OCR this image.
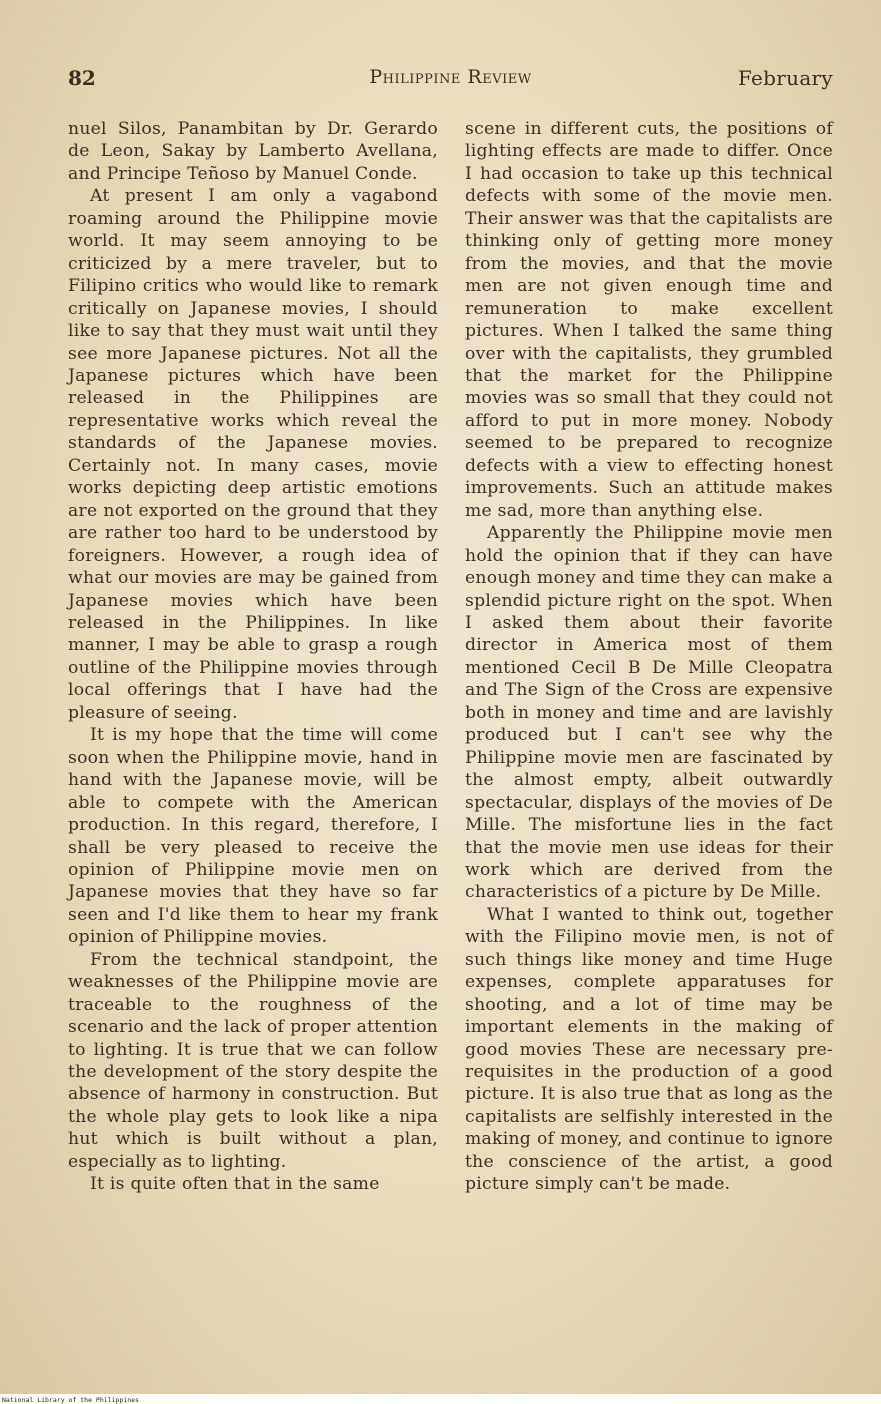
82	Philippine Review	February

nuel Silos, Panambitan by Dr. Gerardo de Leon, Sakay by Lamberto Avellana, and Principe Teñoso by Manuel Conde.

At present I am only a vagabond roaming around the Philippine movie world. It may seem annoying to be criticized by a mere traveler, but to Filipino critics who would like to remark critically on Japanese movies, I should like to say that they must wait until they see more Japanese pictures. Not all the Japanese pictures which have been released in the Philippines are representative works which reveal the standards of the Japanese movies. Certainly not. In many cases, movie works depicting deep artistic emotions are not exported on the ground that they are rather too hard to be understood by foreigners. However, a rough idea of what our movies are may be gained from Japanese movies which have been released in the Philippines. In like manner, I may be able to grasp a rough outline of the Philippine movies through local offerings that I have had the pleasure of seeing.

It is my hope that the time will come soon when the Philippine movie, hand in hand with the Japanese movie, will be able to compete with the American production. In this regard, therefore, I shall be very pleased to receive the opinion of Philippine movie men on Japanese movies that they have so far seen and I'd like them to hear my frank opinion of Philippine movies.

From the technical standpoint, the weaknesses of the Philippine movie are traceable to the roughness of the scenario and the lack of proper attention to lighting. It is true that we can follow the development of the story despite the absence of harmony in construction. But the whole play gets to look like a nipa hut which is built without a plan, especially as to lighting.

It is quite often that in the same

scene in different cuts, the positions of lighting effects are made to differ. Once I had occasion to take up this technical defects with some of the movie men. Their answer was that the capitalists are thinking only of getting more money from the movies, and that the movie men are not given enough time and remuneration to make excellent pictures. When I talked the same thing over with the capitalists, they grumbled that the market for the Philippine movies was so small that they could not afford to put in more money. Nobody seemed to be prepared to recognize defects with a view to effecting honest improvements. Such an attitude makes me sad, more than anything else.

Apparently the Philippine movie men hold the opinion that if they can have enough money and time they can make a splendid picture right on the spot. When I asked them about their favorite director in America most of them mentioned Cecil B De Mille Cleopatra and The Sign of the Cross are expensive both in money and time and are lavishly produced but I can't see why the Philippine movie men are fascinated by the almost empty, albeit outwardly spectacular, displays of the movies of De Mille. The misfortune lies in the fact that the movie men use ideas for their work which are derived from the characteristics of a picture by De Mille.

What I wanted to think out, together with the Filipino movie men, is not of such things like money and time Huge expenses, complete apparatuses for shooting, and a lot of time may be important elements in the making of good movies These are necessary pre-requisites in the production of a good picture. It is also true that as long as the capitalists are selfishly interested in the making of money, and continue to ignore the conscience of the artist, a good picture simply can't be made.

National Library of the Philippines
